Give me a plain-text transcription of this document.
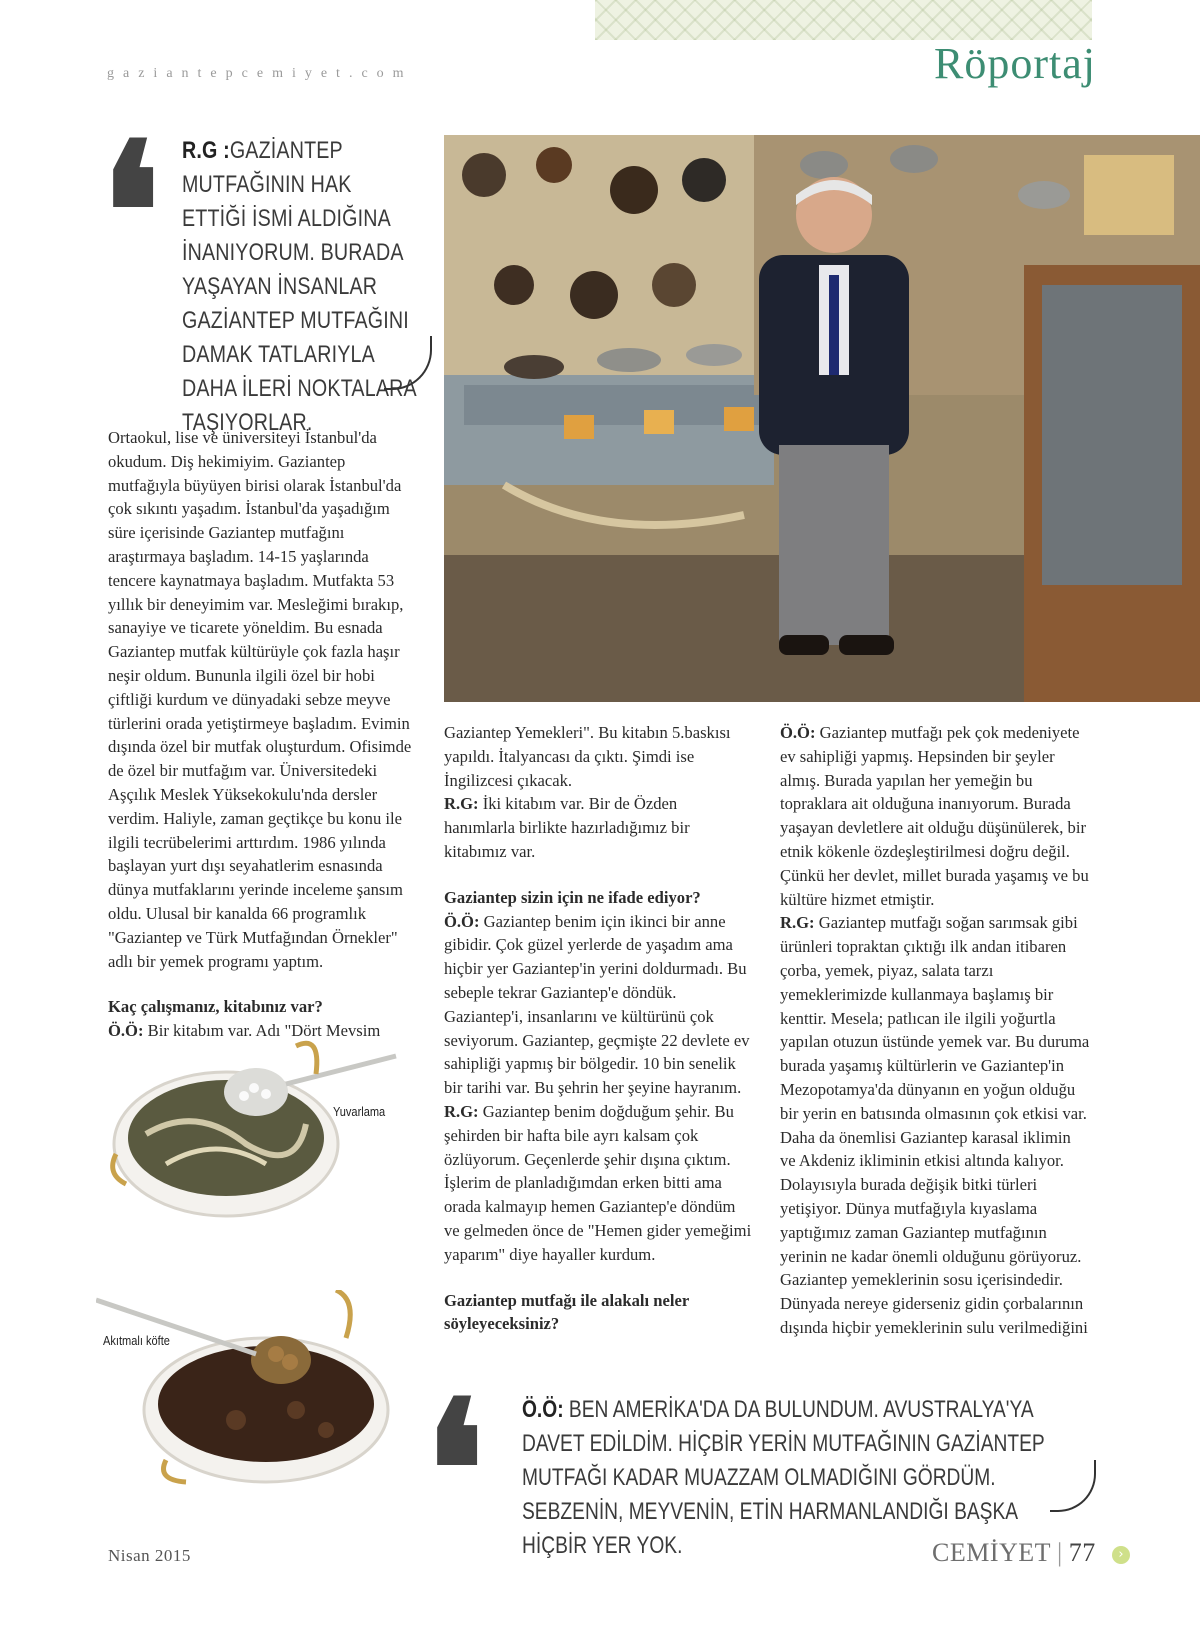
gaziantepcemiyet.com	Röportaj
❛ R.G :GAZİANTEP MUTFAĞININ HAK ETTİĞİ İSMİ ALDIĞINA İNANIYORUM. BURADA YAŞAYAN İNSANLAR GAZİANTEP MUTFAĞINI DAMAK TATLARIYLA DAHA İLERİ NOKTALARA TAŞIYORLAR.

Ortaokul, lise ve üniversiteyi İstanbul'da okudum. Diş hekimiyim. Gaziantep mutfağıyla büyüyen birisi olarak İstanbul'da çok sıkıntı yaşadım. İstanbul'da yaşadığım süre içerisinde Gaziantep mutfağını araştırmaya başladım. 14-15 yaşlarında tencere kaynatmaya başladım. Mutfakta 53 yıllık bir deneyimim var. Mesleğimi bırakıp, sanayiye ve ticarete yöneldim. Bu esnada Gaziantep mutfak kültürüyle çok fazla haşır neşir oldum. Bununla ilgili özel bir hobi çiftliği kurdum ve dünyadaki sebze meyve türlerini orada yetiştirmeye başladım. Evimin dışında özel bir mutfak oluşturdum. Ofisimde de özel bir mutfağım var. Üniversitedeki Aşçılık Meslek Yüksekokulu'nda dersler verdim. Haliyle, zaman geçtikçe bu konu ile ilgili tecrübelerimi arttırdım. 1986 yılında başlayan yurt dışı seyahatlerim esnasında dünya mutfaklarını yerinde inceleme şansım oldu. Ulusal bir kanalda 66 programlık "Gaziantep ve Türk Mutfağından Örnekler" adlı bir yemek programı yaptım.

Kaç çalışmanız, kitabınız var?

Ö.Ö: Bir kitabım var. Adı "Dört Mevsim

Yuvarlama
Akıtmalı köfte

Gaziantep Yemekleri". Bu kitabın 5.baskısı yapıldı. İtalyancası da çıktı. Şimdi ise İngilizcesi çıkacak.

R.G: İki kitabım var. Bir de Özden hanımlarla birlikte hazırladığımız bir kitabımız var.

Gaziantep sizin için ne ifade ediyor?

Ö.Ö: Gaziantep benim için ikinci bir anne gibidir. Çok güzel yerlerde de yaşadım ama hiçbir yer Gaziantep'in yerini doldurmadı. Bu sebeple tekrar Gaziantep'e döndük. Gaziantep'i, insanlarını ve kültürünü çok seviyorum. Gaziantep, geçmişte 22 devlete ev sahipliği yapmış bir bölgedir. 10 bin senelik bir tarihi var. Bu şehrin her şeyine hayranım.

R.G: Gaziantep benim doğduğum şehir. Bu şehirden bir hafta bile ayrı kalsam çok özlüyorum. Geçenlerde şehir dışına çıktım. İşlerim de planladığımdan erken bitti ama orada kalmayıp hemen Gaziantep'e döndüm ve gelmeden önce de "Hemen gider yemeğimi yaparım" diye hayaller kurdum.

Gaziantep mutfağı ile alakalı neler söyleyeceksiniz?

Ö.Ö: Gaziantep mutfağı pek çok medeniyete ev sahipliği yapmış. Hepsinden bir şeyler almış. Burada yapılan her yemeğin bu topraklara ait olduğuna inanıyorum. Burada yaşayan devletlere ait olduğu düşünülerek, bir etnik kökenle özdeşleştirilmesi doğru değil. Çünkü her devlet, millet burada yaşamış ve bu kültüre hizmet etmiştir.

R.G: Gaziantep mutfağı soğan sarımsak gibi ürünleri topraktan çıktığı ilk andan itibaren çorba, yemek, piyaz, salata tarzı yemeklerimizde kullanmaya başlamış bir kenttir. Mesela; patlıcan ile ilgili yoğurtla yapılan otuzun üstünde yemek var. Bu duruma burada yaşamış kültürlerin ve Gaziantep'in Mezopotamya'da dünyanın en yoğun olduğu bir yerin en batısında olmasının çok etkisi var. Daha da önemlisi Gaziantep karasal iklimin ve Akdeniz ikliminin etkisi altında kalıyor. Dolayısıyla burada değişik bitki türleri yetişiyor. Dünya mutfağıyla kıyaslama yaptığımız zaman Gaziantep mutfağının yerinin ne kadar önemli olduğunu görüyoruz. Gaziantep yemeklerinin sosu içerisindedir. Dünyada nereye giderseniz gidin çorbalarının dışında hiçbir yemeklerinin sulu verilmediğini

❛ Ö.Ö: BEN AMERİKA'DA DA BULUNDUM. AVUSTRALYA'YA DAVET EDİLDİM. HİÇBİR YERİN MUTFAĞININ GAZİANTEP MUTFAĞI KADAR MUAZZAM OLMADIĞINI GÖRDÜM. SEBZENİN, MEYVENİN, ETİN HARMANLANDIĞI BAŞKA HİÇBİR YER YOK.
Nisan 2015	CEMİYET | 77	›
